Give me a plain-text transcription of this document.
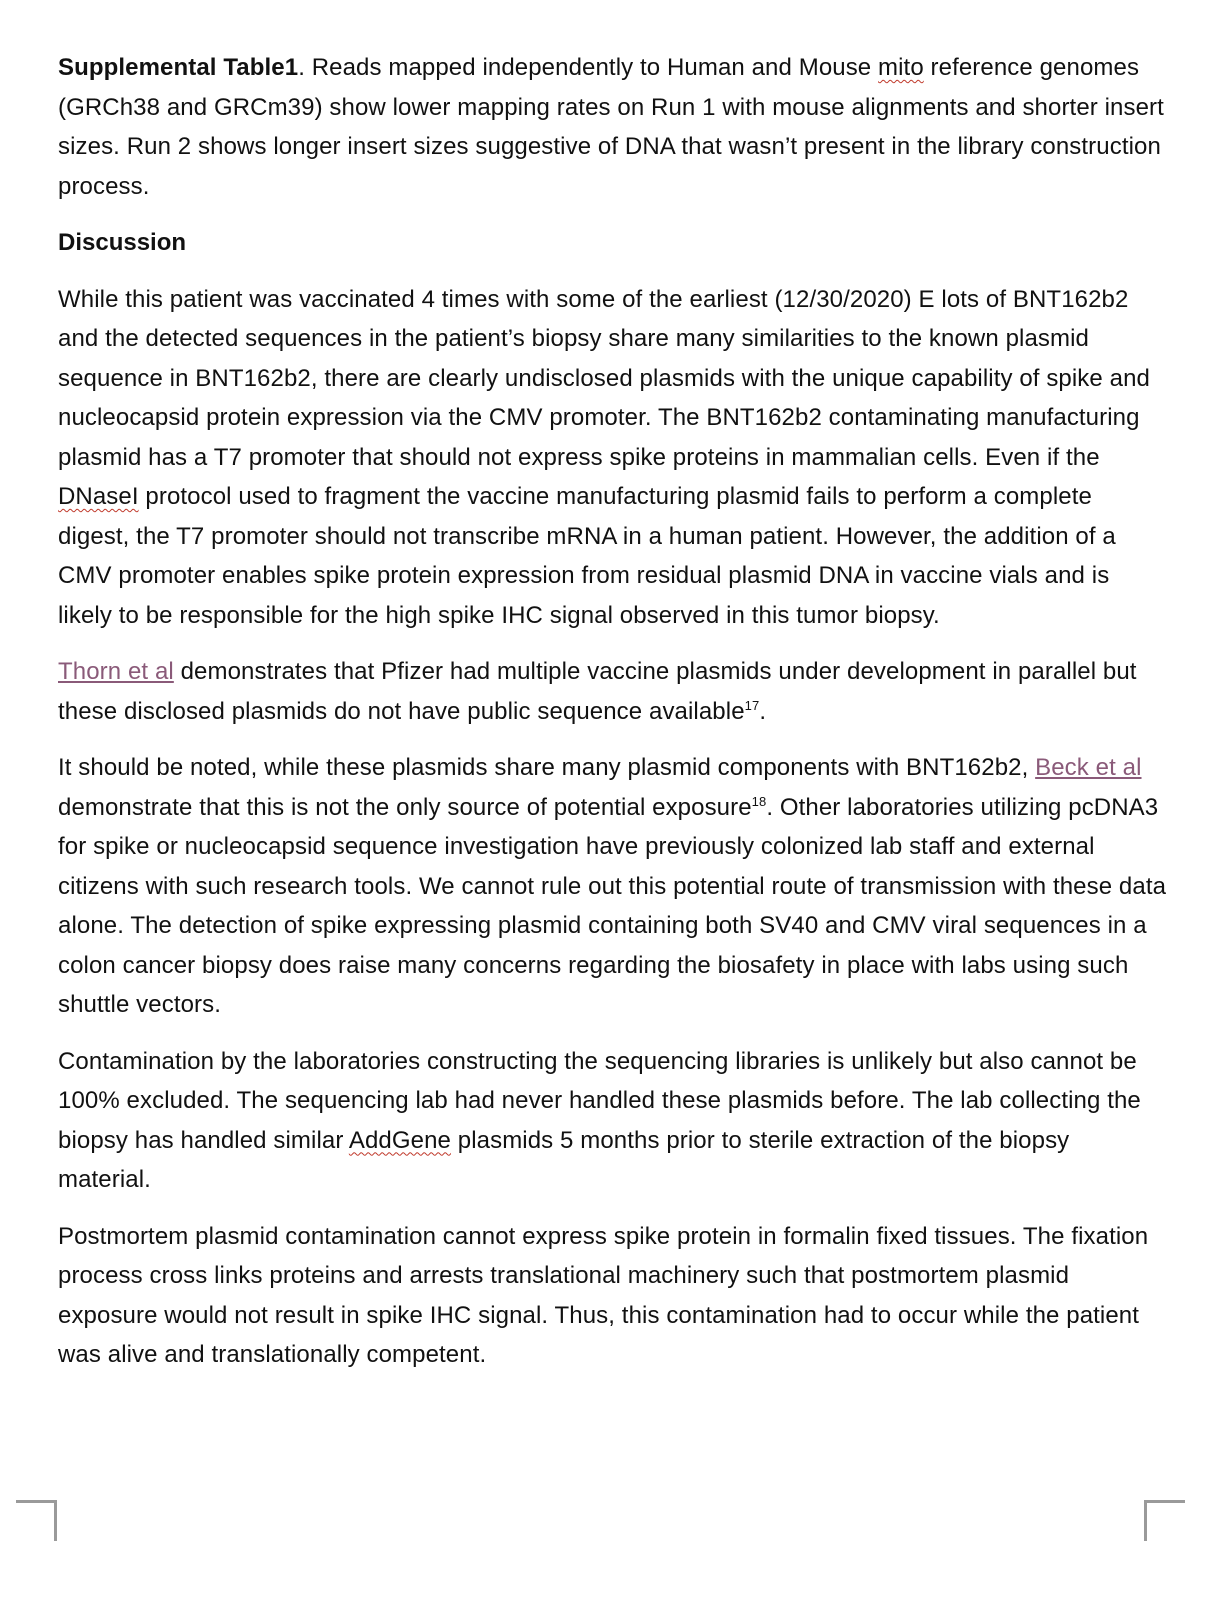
Supplemental Table1. Reads mapped independently to Human and Mouse mito reference genomes (GRCh38 and GRCm39) show lower mapping rates on Run 1 with mouse alignments and shorter insert sizes. Run 2 shows longer insert sizes suggestive of DNA that wasn’t present in the library construction process.

Discussion

While this patient was vaccinated 4 times with some of the earliest (12/30/2020) E lots of BNT162b2 and the detected sequences in the patient’s biopsy share many similarities to the known plasmid sequence in BNT162b2, there are clearly undisclosed plasmids with the unique capability of spike and nucleocapsid protein expression via the CMV promoter. The BNT162b2 contaminating manufacturing plasmid has a T7 promoter that should not express spike proteins in mammalian cells. Even if the DNaseI protocol used to fragment the vaccine manufacturing plasmid fails to perform a complete digest, the T7 promoter should not transcribe mRNA in a human patient. However, the addition of a CMV promoter enables spike protein expression from residual plasmid DNA in vaccine vials and is likely to be responsible for the high spike IHC signal observed in this tumor biopsy.

Thorn et al demonstrates that Pfizer had multiple vaccine plasmids under development in parallel but these disclosed plasmids do not have public sequence available$^{17}$.

It should be noted, while these plasmids share many plasmid components with BNT162b2, Beck et al demonstrate that this is not the only source of potential exposure$^{18}$. Other laboratories utilizing pcDNA3 for spike or nucleocapsid sequence investigation have previously colonized lab staff and external citizens with such research tools. We cannot rule out this potential route of transmission with these data alone. The detection of spike expressing plasmid containing both SV40 and CMV viral sequences in a colon cancer biopsy does raise many concerns regarding the biosafety in place with labs using such shuttle vectors.

Contamination by the laboratories constructing the sequencing libraries is unlikely but also cannot be 100% excluded. The sequencing lab had never handled these plasmids before. The lab collecting the biopsy has handled similar AddGene plasmids 5 months prior to sterile extraction of the biopsy material.

Postmortem plasmid contamination cannot express spike protein in formalin fixed tissues. The fixation process cross links proteins and arrests translational machinery such that postmortem plasmid exposure would not result in spike IHC signal. Thus, this contamination had to occur while the patient was alive and translationally competent.
